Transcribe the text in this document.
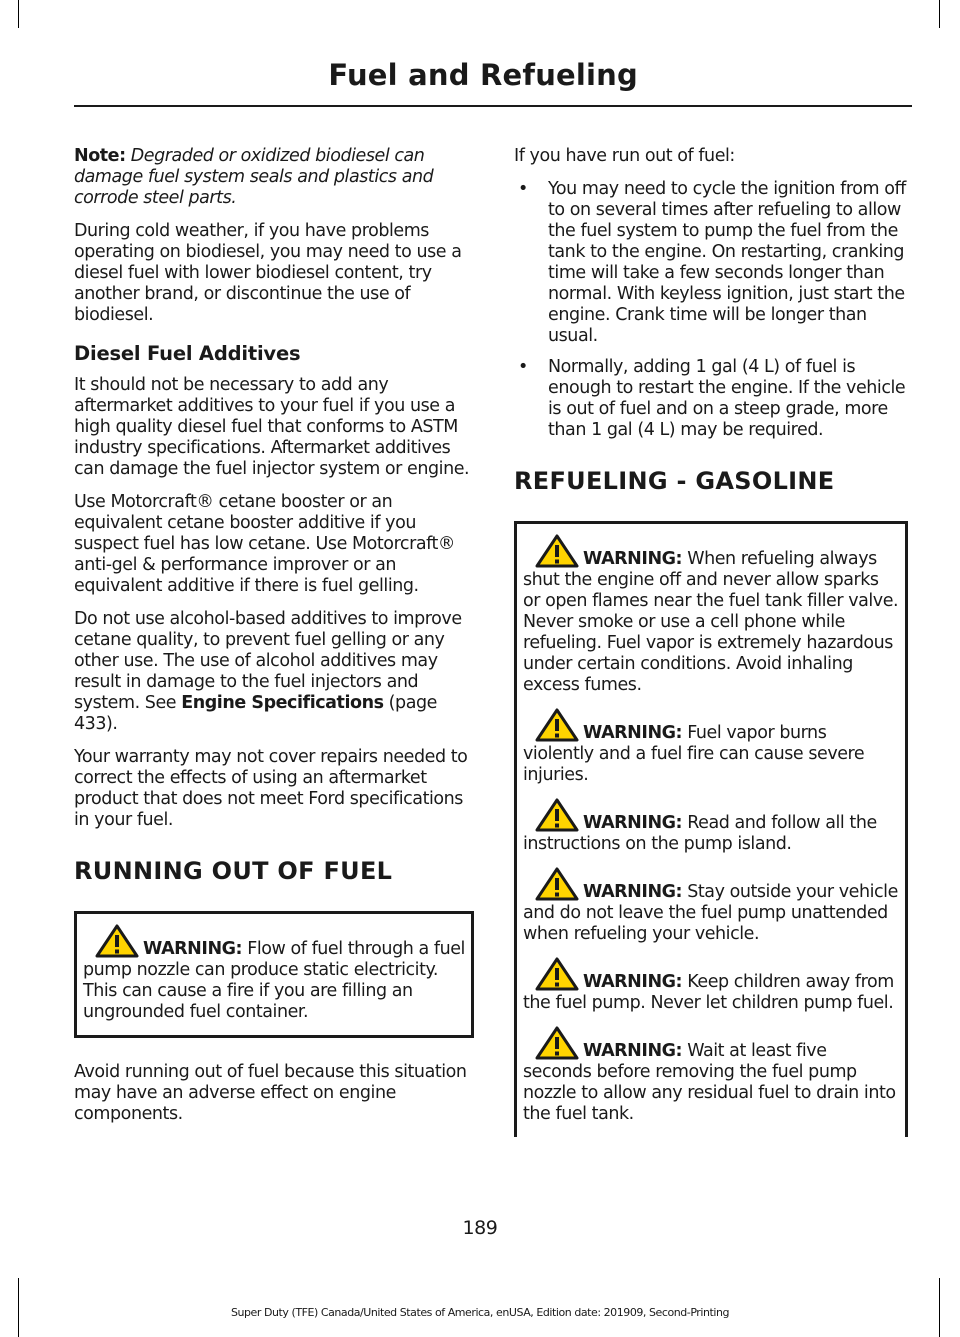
Fuel and Refueling

Note: Degraded or oxidized biodiesel can damage fuel system seals and plastics and corrode steel parts.

During cold weather, if you have problems operating on biodiesel, you may need to use a diesel fuel with lower biodiesel content, try another brand, or discontinue the use of biodiesel.

Diesel Fuel Additives

It should not be necessary to add any aftermarket additives to your fuel if you use a high quality diesel fuel that conforms to ASTM industry specifications. Aftermarket additives can damage the fuel injector system or engine.

Use Motorcraft® cetane booster or an equivalent cetane booster additive if you suspect fuel has low cetane. Use Motorcraft® anti-gel & performance improver or an equivalent additive if there is fuel gelling.

Do not use alcohol-based additives to improve cetane quality, to prevent fuel gelling or any other use. The use of alcohol additives may result in damage to the fuel injectors and system. See Engine Specifications (page 433).

Your warranty may not cover repairs needed to correct the effects of using an aftermarket product that does not meet Ford specifications in your fuel.

RUNNING OUT OF FUEL

WARNING: Flow of fuel through a fuel pump nozzle can produce static electricity. This can cause a fire if you are filling an ungrounded fuel container.

Avoid running out of fuel because this situation may have an adverse effect on engine components.

If you have run out of fuel:

• You may need to cycle the ignition from off to on several times after refueling to allow the fuel system to pump the fuel from the tank to the engine. On restarting, cranking time will take a few seconds longer than normal. With keyless ignition, just start the engine. Crank time will be longer than usual.
• Normally, adding 1 gal (4 L) of fuel is enough to restart the engine. If the vehicle is out of fuel and on a steep grade, more than 1 gal (4 L) may be required.
REFUELING - GASOLINE

WARNING: When refueling always shut the engine off and never allow sparks or open flames near the fuel tank filler valve. Never smoke or use a cell phone while refueling. Fuel vapor is extremely hazardous under certain conditions. Avoid inhaling excess fumes.

WARNING: Fuel vapor burns violently and a fuel fire can cause severe injuries.

WARNING: Read and follow all the instructions on the pump island.

WARNING: Stay outside your vehicle and do not leave the fuel pump unattended when refueling your vehicle.

WARNING: Keep children away from the fuel pump. Never let children pump fuel.

WARNING: Wait at least five seconds before removing the fuel pump nozzle to allow any residual fuel to drain into the fuel tank.

189

Super Duty (TFE) Canada/United States of America, enUSA, Edition date: 201909, Second-Printing
